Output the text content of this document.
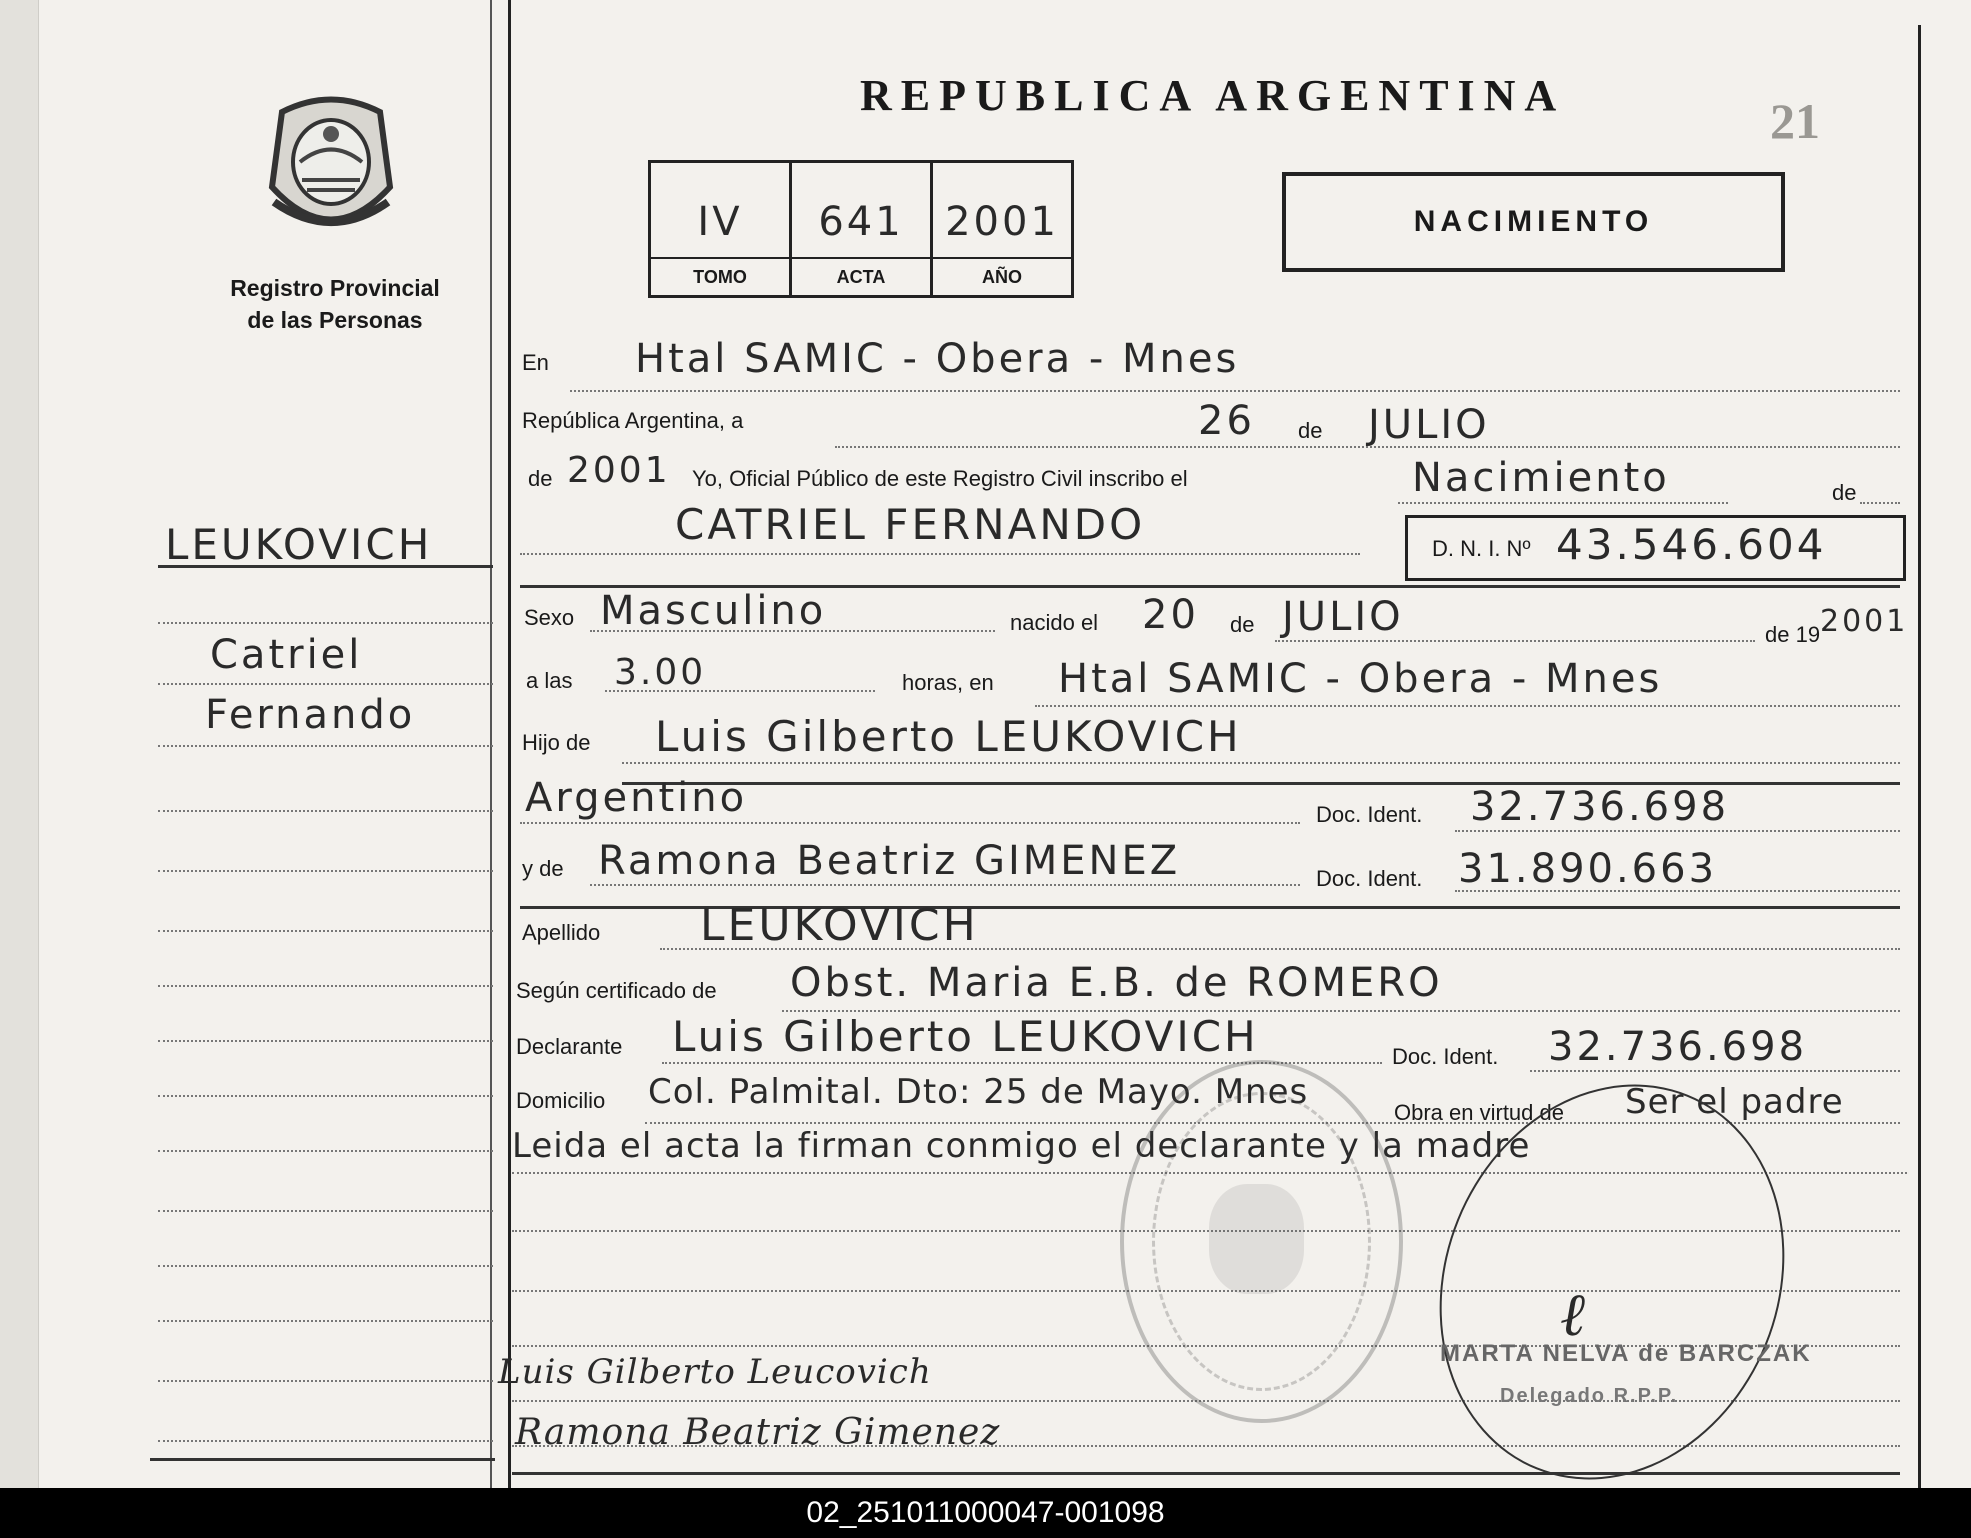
Registro Provincial
de las Personas
LEUKOVICH
Catriel
Fernando
REPUBLICA ARGENTINA	21
IV
TOMO
641
ACTA
2001
AÑO
NACIMIENTO
En Htal SAMIC - Obera - Mnes
República Argentina, a	26 de JULIO
de 2001 Yo, Oficial Público de este Registro Civil inscribo el	Nacimiento	de
CATRIEL FERNANDO	D. N. I. Nº 43.546.604
Sexo Masculino	nacido el 20 de JULIO	de 19 2001
a las 3.00	horas, en Htal SAMIC - Obera - Mnes
Hijo de Luis Gilberto LEUKOVICH
Argentino	Doc. Ident. 32.736.698
y de Ramona Beatriz GIMENEZ	Doc. Ident. 31.890.663
Apellido LEUKOVICH
Según certificado de Obst. Maria E.B. de ROMERO
Declarante Luis Gilberto LEUKOVICH	Doc. Ident. 32.736.698
Domicilio Col. Palmital. Dto: 25 de Mayo. Mnes
Obra en virtud de Ser el padre
Leida el acta la firman conmigo el declarante y la madre
Luis Gilberto Leucovich
Ramona Beatriz Gimenez
MARTA NELVA de BARCZAK
Delegado R.P.P.
ℓ
02_251011000047-001098
